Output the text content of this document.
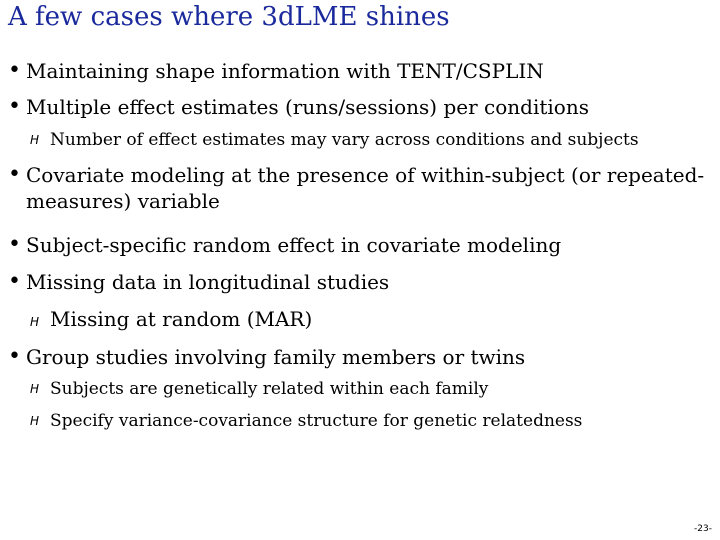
A few cases where 3dLME shines
• Maintaining shape information with TENT/CSPLIN
• Multiple effect estimates (runs/sessions) per conditions
H Number of effect estimates may vary across conditions and subjects
• Covariate modeling at the presence of within-subject (or repeated-measures) variable
• Subject-specific random effect in covariate modeling
• Missing data in longitudinal studies
H Missing at random (MAR)
• Group studies involving family members or twins
H Subjects are genetically related within each family
H Specify variance-covariance structure for genetic relatedness
-23-
